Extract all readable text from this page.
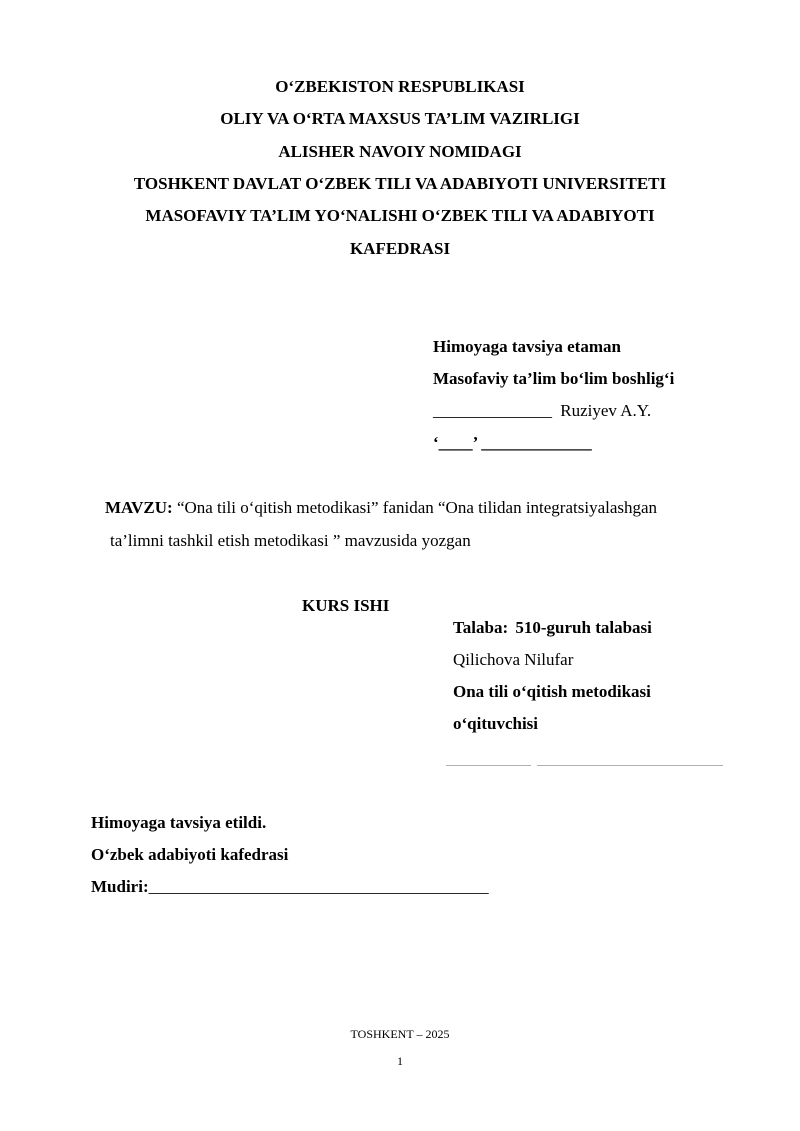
O‘ZBEKISTON RESPUBLIKASI
OLIY VA O‘RTA MAXSUS TA’LIM VAZIRLIGI
ALISHER NAVOIY NOMIDAGI
TOSHKENT DAVLAT O‘ZBEK TILI VA ADABIYOTI UNIVERSITETI
MASOFAVIY TA’LIM YO‘NALISHI O‘ZBEK TILI VA ADABIYOTI
KAFEDRASI
Himoyaga tavsiya etaman
Masofaviy ta’lim bo‘lim boshlig‘i
______________ Ruziyev A.Y.
‘____’ _____________
MAVZU: “Ona tili o‘qitish metodikasi” fanidan “Ona tilidan integratsiyalashgan
ta’limni tashkil etish metodikasi ” mavzusida yozgan
KURS ISHI
Talaba: 510-guruh talabasi
Qilichova Nilufar
Ona tili o‘qitish metodikasi
o‘qituvchisi
Himoyaga tavsiya etildi.
O‘zbek adabiyoti kafedrasi
Mudiri:________________________________________
TOSHKENT – 2025
1
